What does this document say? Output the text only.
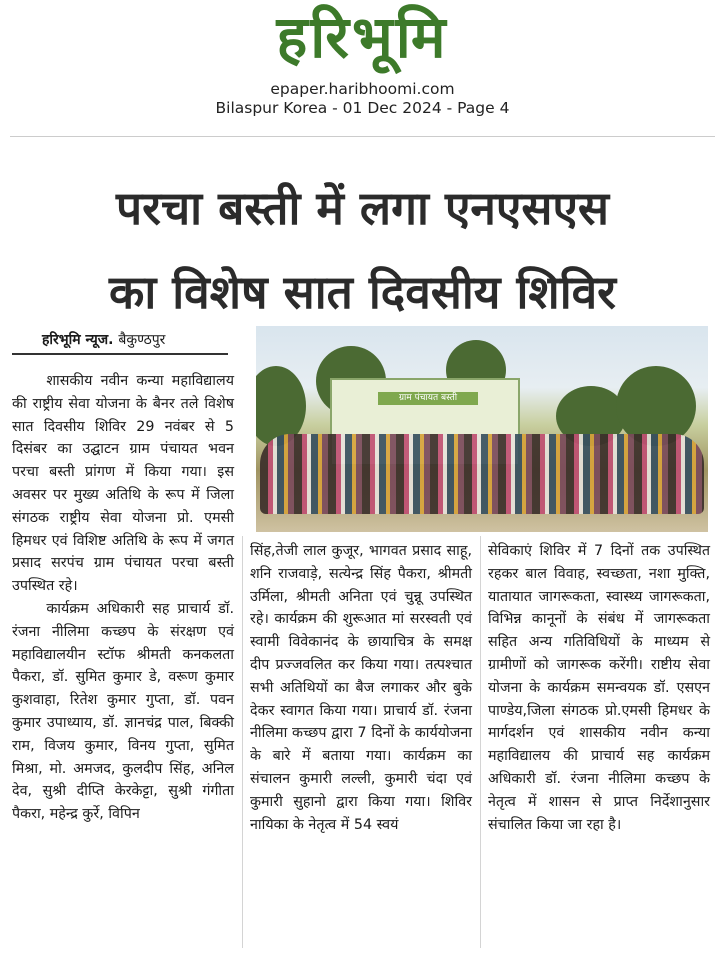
हरिभूमि
epaper.haribhoomi.com
Bilaspur Korea - 01 Dec 2024 - Page 4
परचा बस्ती में लगा एनएसएस
का विशेष सात दिवसीय शिविर
हरिभूमि न्यूज. बैकुण्ठपुर
ग्राम पंचायत बस्ती

शासकीय नवीन कन्या महाविद्यालय की राष्ट्रीय सेवा योजना के बैनर तले विशेष सात दिवसीय शिविर 29 नवंबर से 5 दिसंबर का उद्घाटन ग्राम पंचायत भवन परचा बस्ती प्रांगण में किया गया। इस अवसर पर मुख्य अतिथि के रूप में जिला संगठक राष्ट्रीय सेवा योजना प्रो. एमसी हिमधर एवं विशिष्ट अतिथि के रूप में जगत प्रसाद सरपंच ग्राम पंचायत परचा बस्ती उपस्थित रहे।

कार्यक्रम अधिकारी सह प्राचार्य डॉ. रंजना नीलिमा कच्छप के संरक्षण एवं महाविद्यालयीन स्टॉफ श्रीमती कनकलता पैकरा, डॉ. सुमित कुमार डे, वरूण कुमार कुशवाहा, रितेश कुमार गुप्ता, डॉ. पवन कुमार उपाध्याय, डॉ. ज्ञानचंद्र पाल, बिक्की राम, विजय कुमार, विनय गुप्ता, सुमित मिश्रा, मो. अमजद, कुलदीप सिंह, अनिल देव, सुश्री दीप्ति केरकेट्टा, सुश्री गंगीता पैकरा, महेन्द्र कुर्रे, विपिन

सिंह,तेजी लाल कुजूर, भागवत प्रसाद साहू, शनि राजवाड़े, सत्येन्द्र सिंह पैकरा, श्रीमती उर्मिला, श्रीमती अनिता एवं चुन्नू उपस्थित रहे। कार्यक्रम की शुरूआत मां सरस्वती एवं स्वामी विवेकानंद के छायाचित्र के समक्ष दीप प्रज्जवलित कर किया गया। तत्पश्चात सभी अतिथियों का बैज लगाकर और बुके देकर स्वागत किया गया। प्राचार्य डॉ. रंजना नीलिमा कच्छप द्वारा 7 दिनों के कार्ययोजना के बारे में बताया गया। कार्यक्रम का संचालन कुमारी लल्ली, कुमारी चंदा एवं कुमारी सुहानो द्वारा किया गया। शिविर नायिका के नेतृत्व में 54 स्वयं

सेविकाएं शिविर में 7 दिनों तक उपस्थित रहकर बाल विवाह, स्वच्छता, नशा मुक्ति, यातायात जागरूकता, स्वास्थ्य जागरूकता, विभिन्न कानूनों के संबंध में जागरूकता सहित अन्य गतिविधियों के माध्यम से ग्रामीणों को जागरूक करेंगी। राष्टीय सेवा योजना के कार्यक्रम समन्वयक डॉ. एसएन पाण्डेय,जिला संगठक प्रो.एमसी हिमधर के मार्गदर्शन एवं शासकीय नवीन कन्या महाविद्यालय की प्राचार्य सह कार्यक्रम अधिकारी डॉ. रंजना नीलिमा कच्छप के नेतृत्व में शासन से प्राप्त निर्देशानुसार संचालित किया जा रहा है।
